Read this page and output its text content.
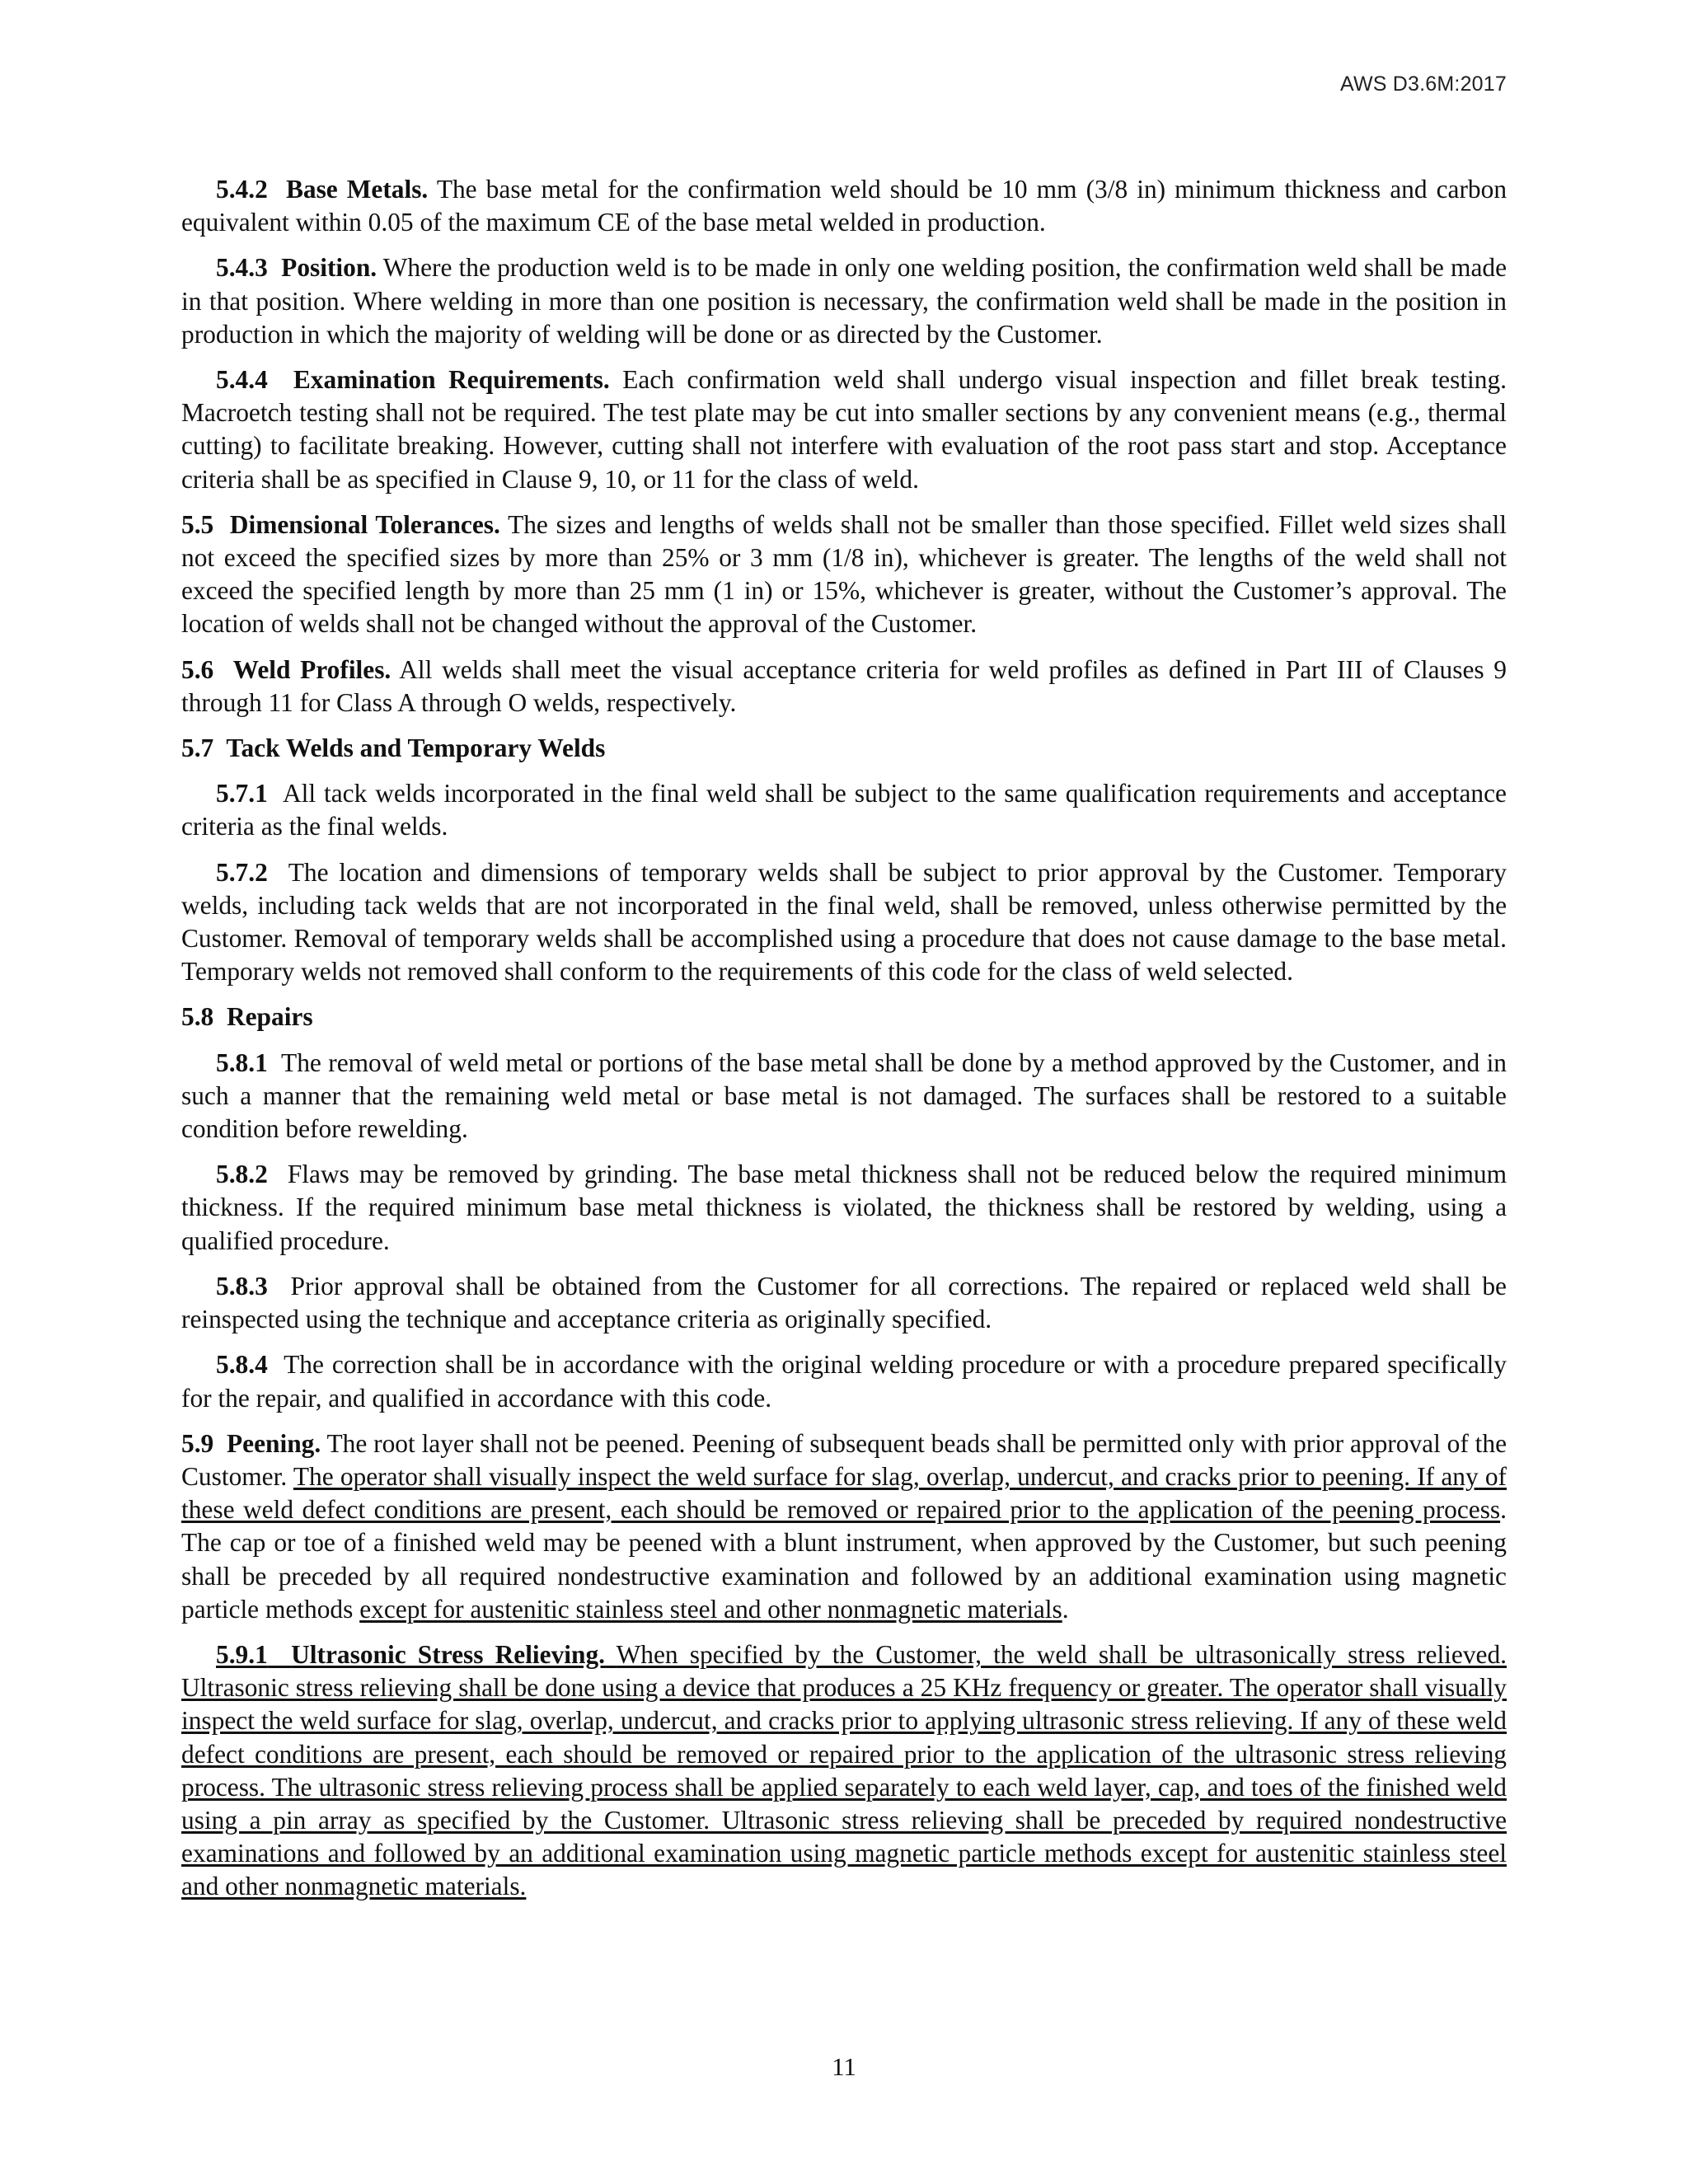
AWS D3.6M:2017

5.4.2 Base Metals. The base metal for the confirmation weld should be 10 mm (3/8 in) minimum thickness and carbon equivalent within 0.05 of the maximum CE of the base metal welded in production.

5.4.3 Position. Where the production weld is to be made in only one welding position, the confirmation weld shall be made in that position. Where welding in more than one position is necessary, the confirmation weld shall be made in the position in production in which the majority of welding will be done or as directed by the Customer.

5.4.4 Examination Requirements. Each confirmation weld shall undergo visual inspection and fillet break testing. Macroetch testing shall not be required. The test plate may be cut into smaller sections by any convenient means (e.g., thermal cutting) to facilitate breaking. However, cutting shall not interfere with evaluation of the root pass start and stop. Acceptance criteria shall be as specified in Clause 9, 10, or 11 for the class of weld.

5.5 Dimensional Tolerances. The sizes and lengths of welds shall not be smaller than those specified. Fillet weld sizes shall not exceed the specified sizes by more than 25% or 3 mm (1/8 in), whichever is greater. The lengths of the weld shall not exceed the specified length by more than 25 mm (1 in) or 15%, whichever is greater, without the Customer’s approval. The location of welds shall not be changed without the approval of the Customer.

5.6 Weld Profiles. All welds shall meet the visual acceptance criteria for weld profiles as defined in Part III of Clauses 9 through 11 for Class A through O welds, respectively.

5.7 Tack Welds and Temporary Welds

5.7.1 All tack welds incorporated in the final weld shall be subject to the same qualification requirements and acceptance criteria as the final welds.

5.7.2 The location and dimensions of temporary welds shall be subject to prior approval by the Customer. Temporary welds, including tack welds that are not incorporated in the final weld, shall be removed, unless otherwise permitted by the Customer. Removal of temporary welds shall be accomplished using a procedure that does not cause damage to the base metal. Temporary welds not removed shall conform to the requirements of this code for the class of weld selected.

5.8 Repairs

5.8.1 The removal of weld metal or portions of the base metal shall be done by a method approved by the Customer, and in such a manner that the remaining weld metal or base metal is not damaged. The surfaces shall be restored to a suitable condition before rewelding.

5.8.2 Flaws may be removed by grinding. The base metal thickness shall not be reduced below the required minimum thickness. If the required minimum base metal thickness is violated, the thickness shall be restored by welding, using a qualified procedure.

5.8.3 Prior approval shall be obtained from the Customer for all corrections. The repaired or replaced weld shall be reinspected using the technique and acceptance criteria as originally specified.

5.8.4 The correction shall be in accordance with the original welding procedure or with a procedure prepared specifically for the repair, and qualified in accordance with this code.

5.9 Peening. The root layer shall not be peened. Peening of subsequent beads shall be permitted only with prior approval of the Customer. The operator shall visually inspect the weld surface for slag, overlap, undercut, and cracks prior to peening. If any of these weld defect conditions are present, each should be removed or repaired prior to the application of the peening process. The cap or toe of a finished weld may be peened with a blunt instrument, when approved by the Customer, but such peening shall be preceded by all required nondestructive examination and followed by an additional examination using magnetic particle methods except for austenitic stainless steel and other nonmagnetic materials.

5.9.1 Ultrasonic Stress Relieving. When specified by the Customer, the weld shall be ultrasonically stress relieved. Ultrasonic stress relieving shall be done using a device that produces a 25 KHz frequency or greater. The operator shall visually inspect the weld surface for slag, overlap, undercut, and cracks prior to applying ultrasonic stress relieving. If any of these weld defect conditions are present, each should be removed or repaired prior to the application of the ultrasonic stress relieving process. The ultrasonic stress relieving process shall be applied separately to each weld layer, cap, and toes of the finished weld using a pin array as specified by the Customer. Ultrasonic stress relieving shall be preceded by required nondestructive examinations and followed by an additional examination using magnetic particle methods except for austenitic stainless steel and other nonmagnetic materials.

11
